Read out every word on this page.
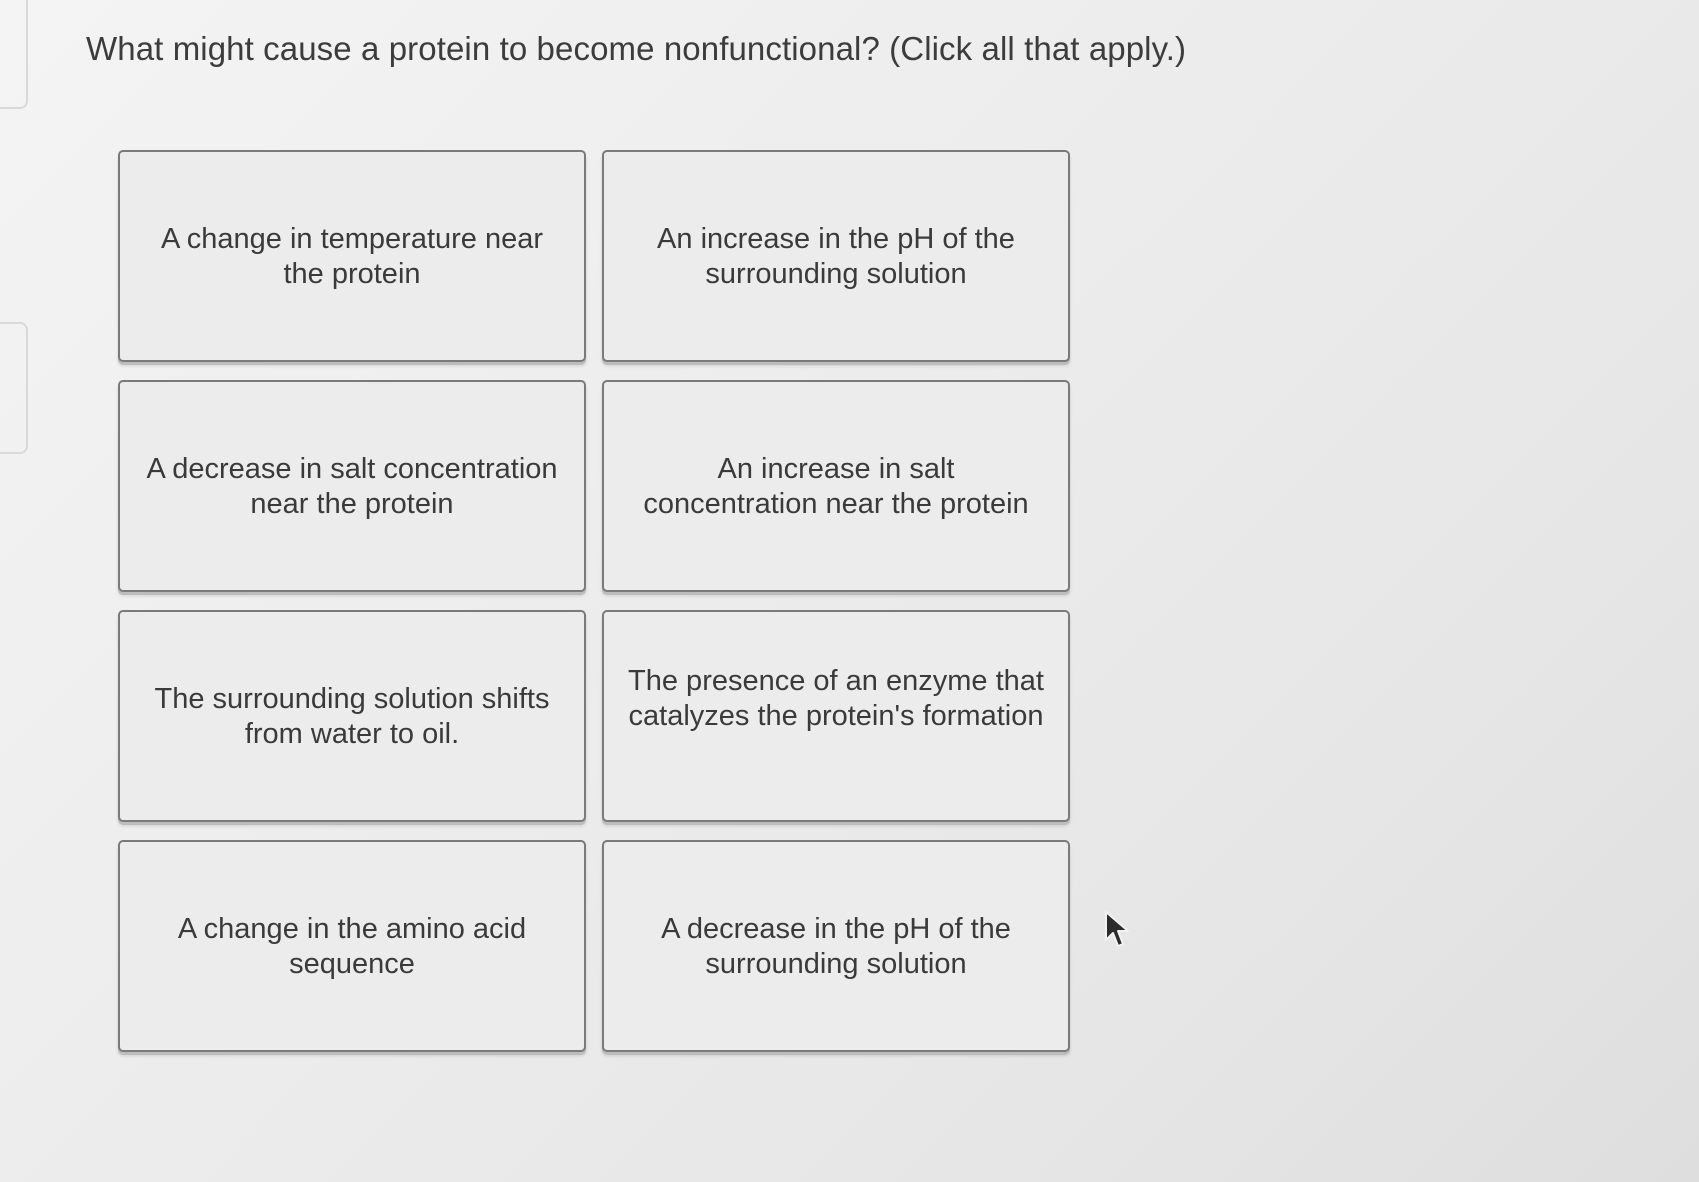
What might cause a protein to become nonfunctional? (Click all that apply.)
A change in temperature near the protein
An increase in the pH of the surrounding solution
A decrease in salt concentration near the protein
An increase in salt concentration near the protein
The surrounding solution shifts from water to oil.
The presence of an enzyme that catalyzes the protein's formation
A change in the amino acid sequence
A decrease in the pH of the surrounding solution
